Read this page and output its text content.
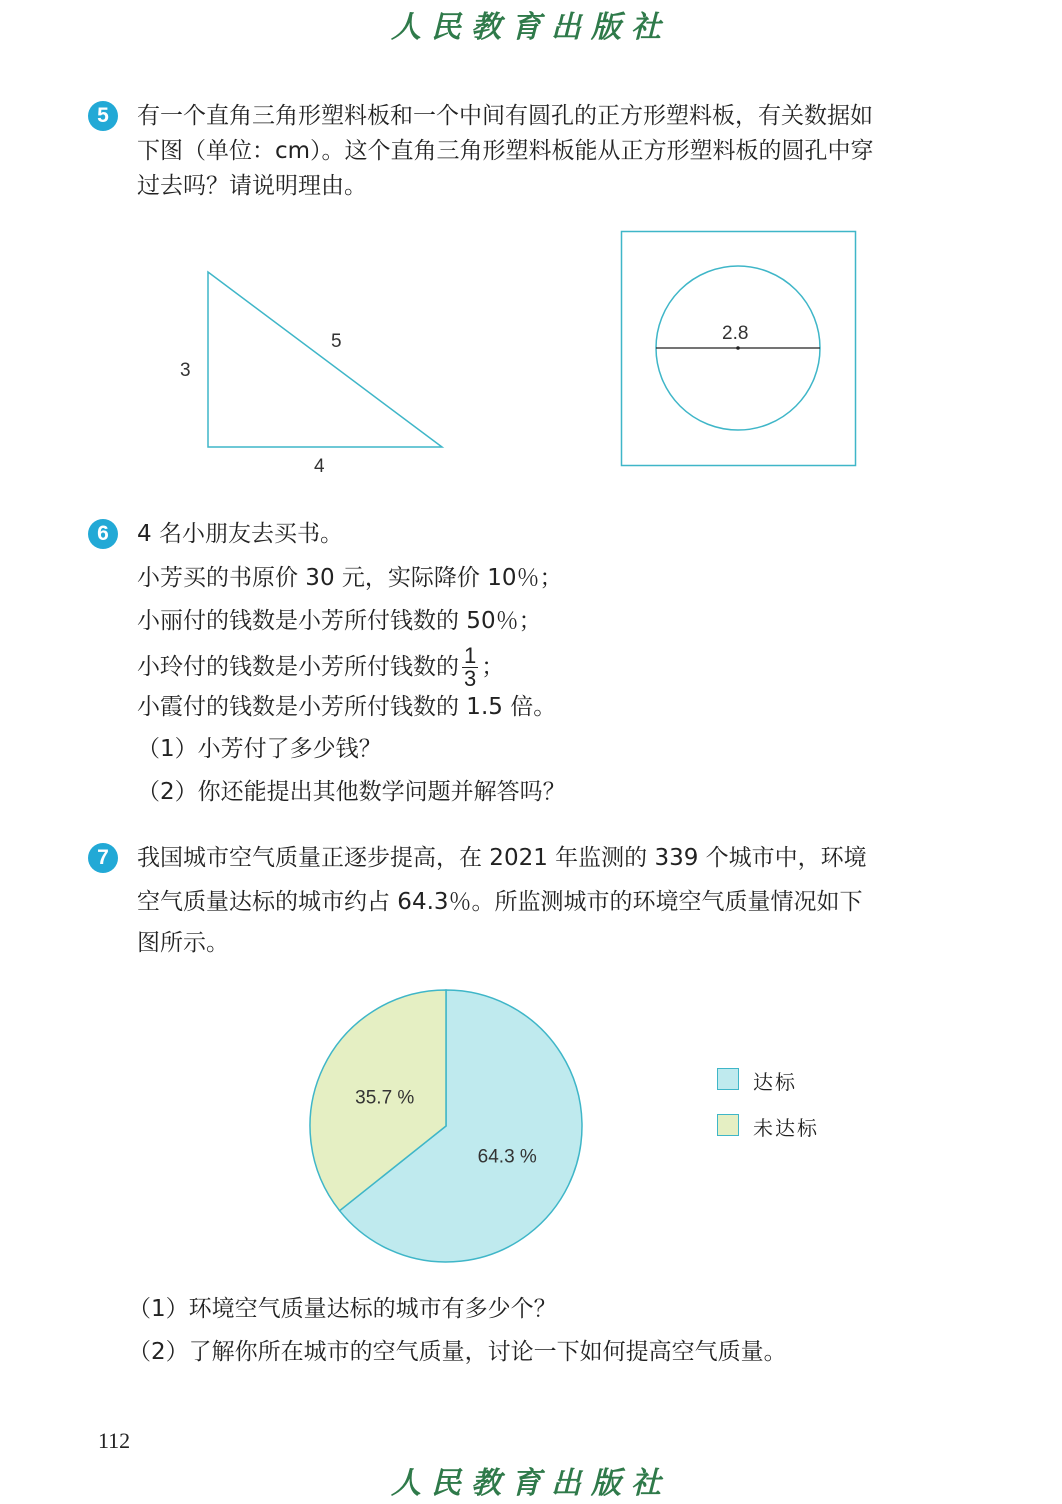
人民教育出版社
5	有一个直角三角形塑料板和一个中间有圆孔的正方形塑料板，有关数据如
下图（单位：cm）。这个直角三角形塑料板能从正方形塑料板的圆孔中穿
过去吗？请说明理由。
3
5
4
2.8
6	4 名小朋友去买书。
小芳买的书原价 30 元，实际降价 10％；
小丽付的钱数是小芳所付钱数的 50％；
小玲付的钱数是小芳所付钱数的 $\frac{1}{3}$ ；
小霞付的钱数是小芳所付钱数的 1.5 倍。
（1）小芳付了多少钱？
（2）你还能提出其他数学问题并解答吗？
7	我国城市空气质量正逐步提高，在 2021 年监测的 339 个城市中，环境
空气质量达标的城市约占 64.3％。所监测城市的环境空气质量情况如下
图所示。
64.3 %
35.7 %
达标
未达标
（1）环境空气质量达标的城市有多少个？
（2）了解你所在城市的空气质量，讨论一下如何提高空气质量。
112
人民教育出版社
